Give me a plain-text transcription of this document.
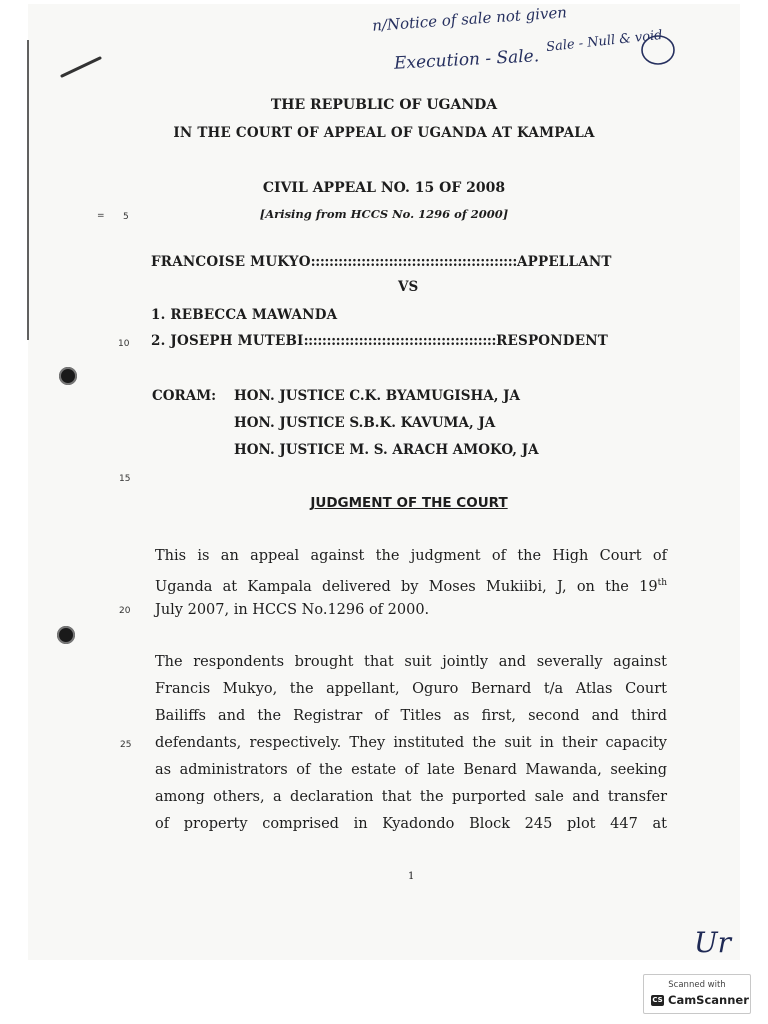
n/Notice of sale not given
Sale - Null & void
Execution - Sale.
THE REPUBLIC OF UGANDA
IN THE COURT OF APPEAL OF UGANDA AT KAMPALA
CIVIL APPEAL NO. 15 OF 2008
[Arising from HCCS No. 1296 of 2000]
5
=
10
15
20
25
FRANCOISE MUKYO:::::::::::::::::::::::::::::::::::::::::::::APPELLANT
VS
1. REBECCA MAWANDA
2. JOSEPH MUTEBI::::::::::::::::::::::::::::::::::::::::::RESPONDENT
CORAM: HON. JUSTICE C.K. BYAMUGISHA, JA
HON. JUSTICE S.B.K. KAVUMA, JA
HON. JUSTICE M. S. ARACH AMOKO, JA
JUDGMENT OF THE COURT
This is an appeal against the judgment of the High Court of
Uganda at Kampala delivered by Moses Mukiibi, J, on the 19th
July 2007, in HCCS No.1296 of 2000.
The respondents brought that suit jointly and severally against
Francis Mukyo, the appellant, Oguro Bernard t/a Atlas Court
Bailiffs and the Registrar of Titles as first, second and third
defendants, respectively. They instituted the suit in their capacity
as administrators of the estate of late Benard Mawanda, seeking
among others, a declaration that the purported sale and transfer
of property comprised in Kyadondo Block 245 plot 447 at
1
Ur
Scanned with
CS CamScanner
